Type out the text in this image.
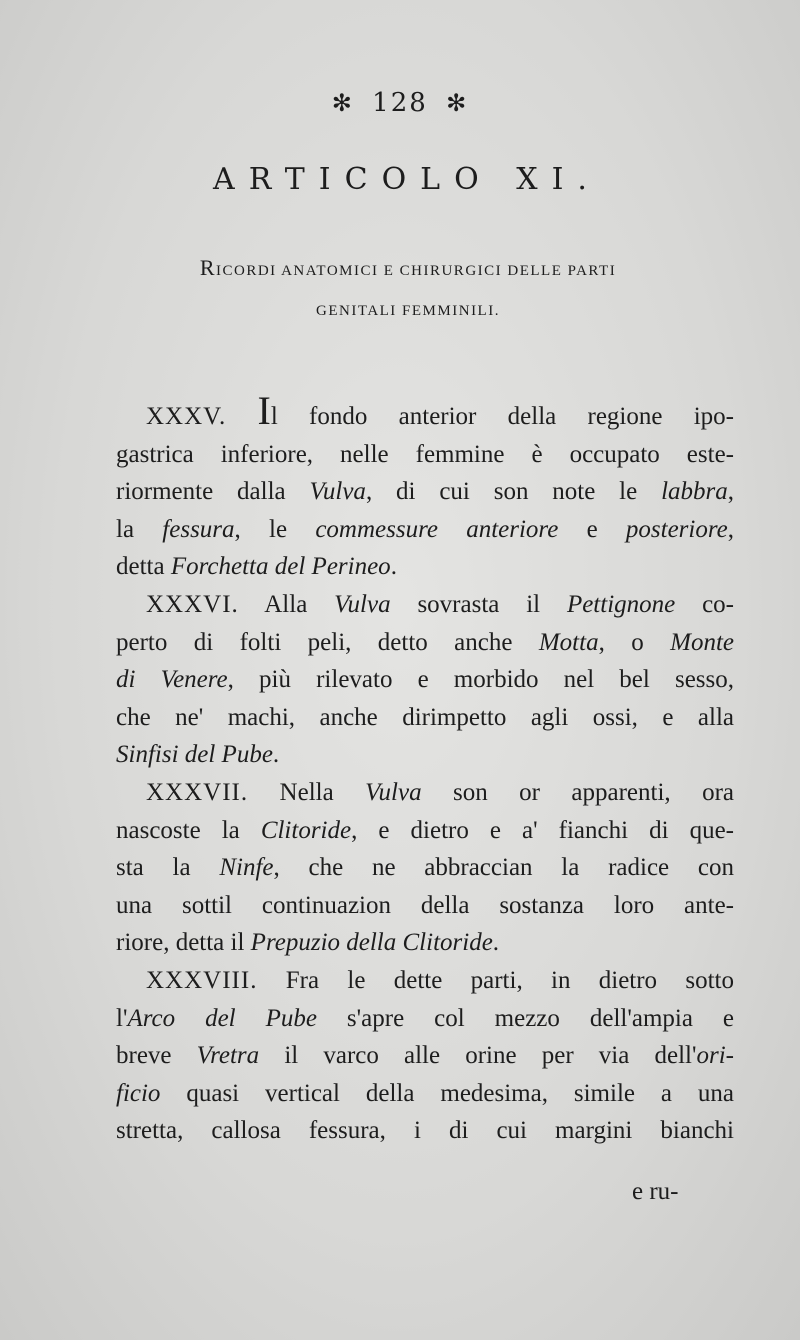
✻ 128 ✻
ARTICOLO XI.
RICORDI ANATOMICI E CHIRURGICI DELLE PARTI
GENITALI FEMMINILI.
XXXV. Il fondo anterior della regione ipo-
gastrica inferiore, nelle femmine è occupato este-
riormente dalla Vulva, di cui son note le labbra,
la fessura, le commessure anteriore e posteriore,
detta Forchetta del Perineo.
XXXVI. Alla Vulva sovrasta il Pettignone co-
perto di folti peli, detto anche Motta, o Monte
di Venere, più rilevato e morbido nel bel sesso,
che ne' machi, anche dirimpetto agli ossi, e alla
Sinfisi del Pube.
XXXVII. Nella Vulva son or apparenti, ora
nascoste la Clitoride, e dietro e a' fianchi di que-
sta la Ninfe, che ne abbraccian la radice con
una sottil continuazion della sostanza loro ante-
riore, detta il Prepuzio della Clitoride.
XXXVIII. Fra le dette parti, in dietro sotto
l'Arco del Pube s'apre col mezzo dell'ampia e
breve Vretra il varco alle orine per via dell'ori-
ficio quasi vertical della medesima, simile a una
stretta, callosa fessura, i di cui margini bianchi
e ru-
